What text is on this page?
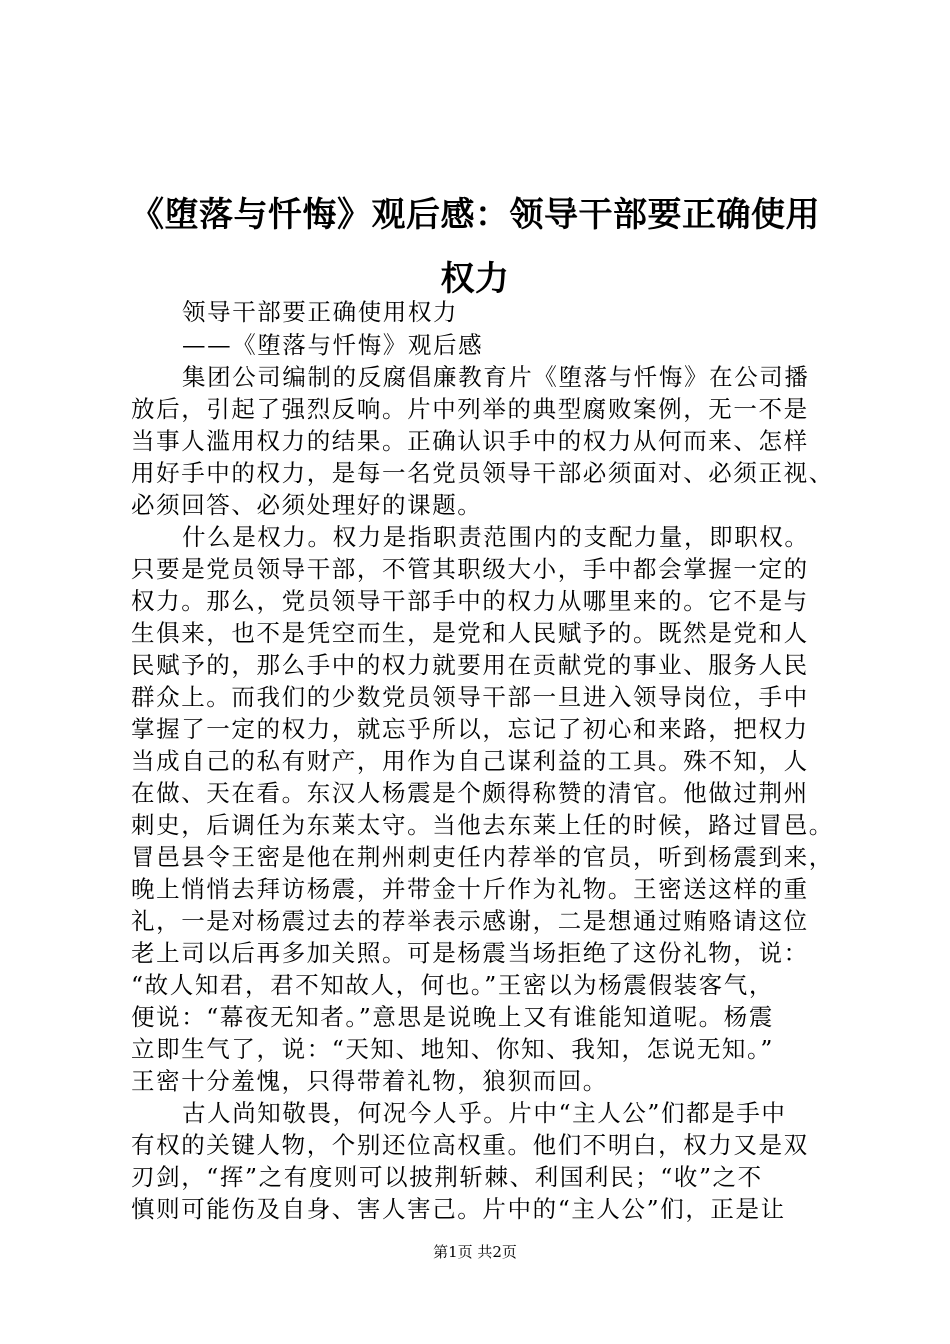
《堕落与忏悔》观后感：领导干部要正确使用
权力

领导干部要正确使用权力

——《堕落与忏悔》观后感

集团公司编制的反腐倡廉教育片《堕落与忏悔》在公司播

放后，引起了强烈反响。片中列举的典型腐败案例，无一不是

当事人滥用权力的结果。正确认识手中的权力从何而来、怎样

用好手中的权力，是每一名党员领导干部必须面对、必须正视、

必须回答、必须处理好的课题。

什么是权力。权力是指职责范围内的支配力量，即职权。

只要是党员领导干部，不管其职级大小，手中都会掌握一定的

权力。那么，党员领导干部手中的权力从哪里来的。它不是与

生俱来，也不是凭空而生，是党和人民赋予的。既然是党和人

民赋予的，那么手中的权力就要用在贡献党的事业、服务人民

群众上。而我们的少数党员领导干部一旦进入领导岗位，手中

掌握了一定的权力，就忘乎所以，忘记了初心和来路，把权力

当成自己的私有财产，用作为自己谋利益的工具。殊不知，人

在做、天在看。东汉人杨震是个颇得称赞的清官。他做过荆州

刺史，后调任为东莱太守。当他去东莱上任的时候，路过冒邑。

冒邑县令王密是他在荆州刺吏任内荐举的官员，听到杨震到来，

晚上悄悄去拜访杨震，并带金十斤作为礼物。王密送这样的重

礼，一是对杨震过去的荐举表示感谢，二是想通过贿赂请这位

老上司以后再多加关照。可是杨震当场拒绝了这份礼物，说：

“故人知君，君不知故人，何也。”王密以为杨震假装客气，

便说：“幕夜无知者。”意思是说晚上又有谁能知道呢。杨震

立即生气了，说：“天知、地知、你知、我知，怎说无知。”

王密十分羞愧，只得带着礼物，狼狈而回。

古人尚知敬畏，何况今人乎。片中“主人公”们都是手中

有权的关键人物，个别还位高权重。他们不明白，权力又是双

刃剑，“挥”之有度则可以披荆斩棘、利国利民；“收”之不

慎则可能伤及自身、害人害己。片中的“主人公”们，正是让

第1页 共2页
